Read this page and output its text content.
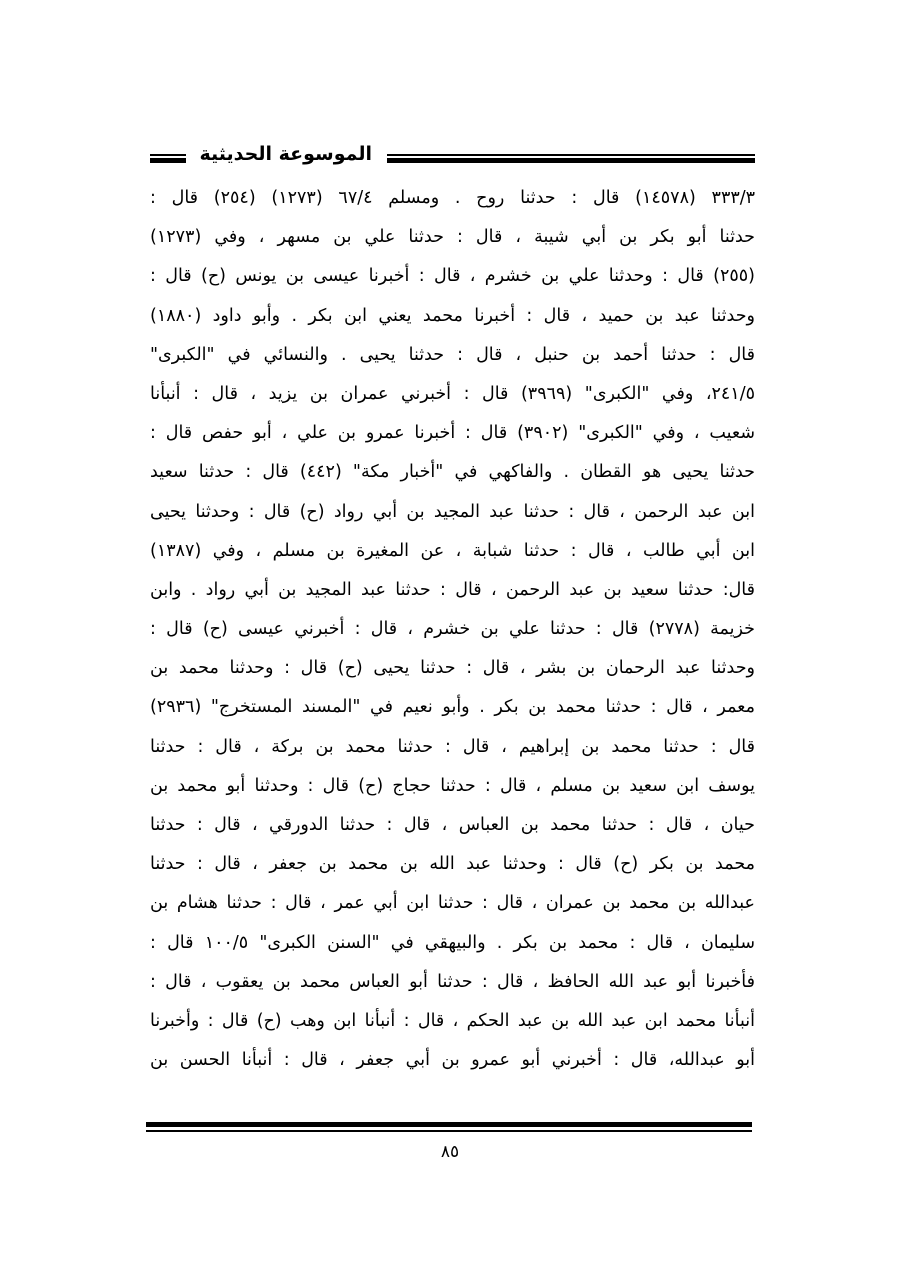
الموسوعة الحديثية
٣٣٣/٣ (١٤٥٧٨) قال : حدثنا روح . ومسلم ٦٧/٤ (١٢٧٣) (٢٥٤) قال :
حدثنا أبو بكر بن أبي شيبة ، قال : حدثنا علي بن مسهر ، وفي (١٢٧٣)
(٢٥٥) قال : وحدثنا علي بن خشرم ، قال : أخبرنا عيسى بن يونس (ح) قال :
وحدثنا عبد بن حميد ، قال : أخبرنا محمد يعني ابن بكر . وأبو داود (١٨٨٠)
قال : حدثنا أحمد بن حنبل ، قال : حدثنا يحيى . والنسائي في "الكبرى"
٢٤١/٥، وفي "الكبرى" (٣٩٦٩) قال : أخبرني عمران بن يزيد ، قال : أنبأنا
شعيب ، وفي "الكبرى" (٣٩٠٢) قال : أخبرنا عمرو بن علي ، أبو حفص قال :
حدثنا يحيى هو القطان . والفاكهي في "أخبار مكة" (٤٤٢) قال : حدثنا سعيد
ابن عبد الرحمن ، قال : حدثنا عبد المجيد بن أبي رواد (ح) قال : وحدثنا يحيى
ابن أبي طالب ، قال : حدثنا شبابة ، عن المغيرة بن مسلم ، وفي (١٣٨٧)
قال: حدثنا سعيد بن عبد الرحمن ، قال : حدثنا عبد المجيد بن أبي رواد . وابن
خزيمة (٢٧٧٨) قال : حدثنا علي بن خشرم ، قال : أخبرني عيسى (ح) قال :
وحدثنا عبد الرحمان بن بشر ، قال : حدثنا يحيى (ح) قال : وحدثنا محمد بن
معمر ، قال : حدثنا محمد بن بكر . وأبو نعيم في "المسند المستخرج" (٢٩٣٦)
قال : حدثنا محمد بن إبراهيم ، قال : حدثنا محمد بن بركة ، قال : حدثنا
يوسف ابن سعيد بن مسلم ، قال : حدثنا حجاج (ح) قال : وحدثنا أبو محمد بن
حيان ، قال : حدثنا محمد بن العباس ، قال : حدثنا الدورقي ، قال : حدثنا
محمد بن بكر (ح) قال : وحدثنا عبد الله بن محمد بن جعفر ، قال : حدثنا
عبدالله بن محمد بن عمران ، قال : حدثنا ابن أبي عمر ، قال : حدثنا هشام بن
سليمان ، قال : محمد بن بكر . والبيهقي في "السنن الكبرى" ١٠٠/٥ قال :
فأخبرنا أبو عبد الله الحافظ ، قال : حدثنا أبو العباس محمد بن يعقوب ، قال :
أنبأنا محمد ابن عبد الله بن عبد الحكم ، قال : أنبأنا ابن وهب (ح) قال : وأخبرنا
أبو عبدالله، قال : أخبرني أبو عمرو بن أبي جعفر ، قال : أنبأنا الحسن بن
٨٥
